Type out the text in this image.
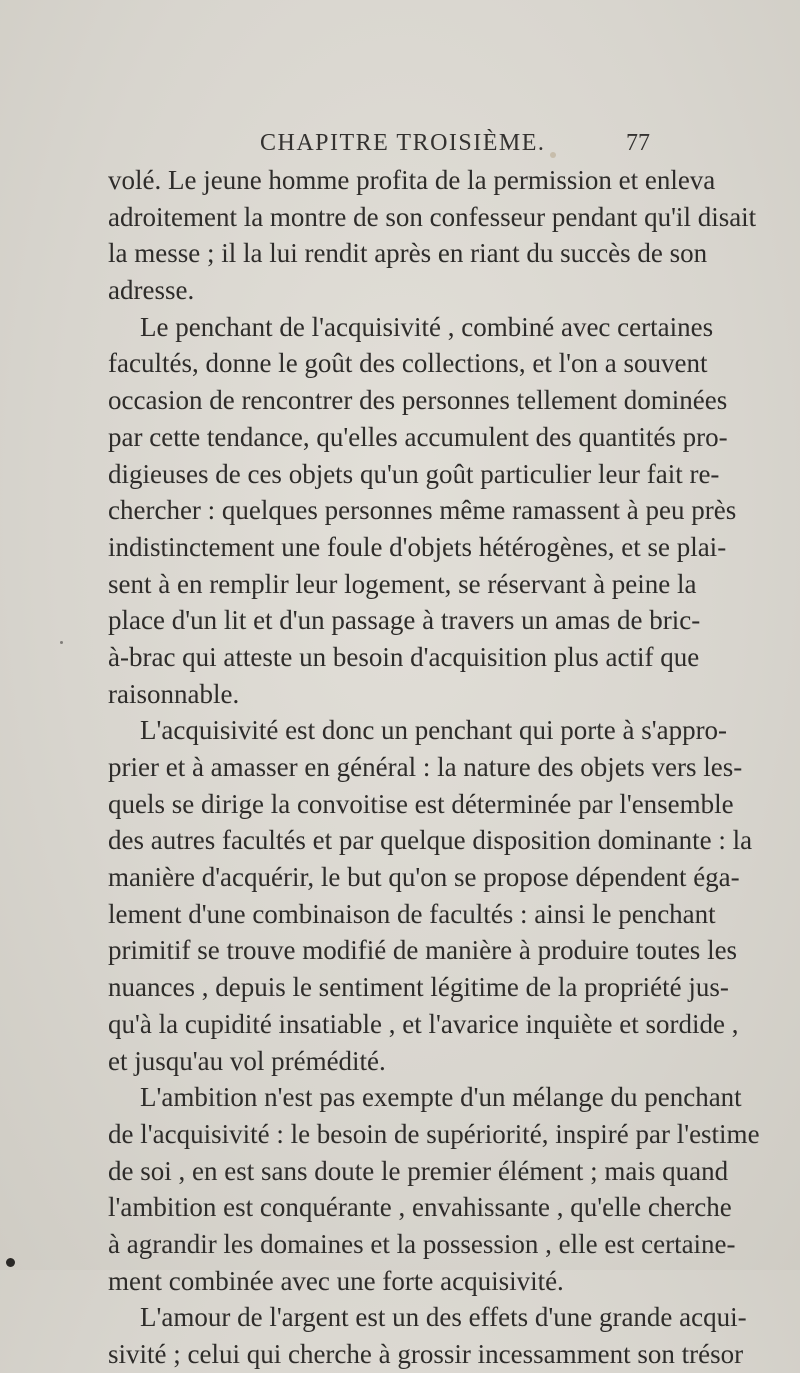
CHAPITRE TROISIÈME.	77
volé. Le jeune homme profita de la permission et enleva
adroitement la montre de son confesseur pendant qu'il disait
la messe ; il la lui rendit après en riant du succès de son
adresse.
Le penchant de l'acquisivité , combiné avec certaines
facultés, donne le goût des collections, et l'on a souvent
occasion de rencontrer des personnes tellement dominées
par cette tendance, qu'elles accumulent des quantités pro-
digieuses de ces objets qu'un goût particulier leur fait re-
chercher : quelques personnes même ramassent à peu près
indistinctement une foule d'objets hétérogènes, et se plai-
sent à en remplir leur logement, se réservant à peine la
place d'un lit et d'un passage à travers un amas de bric-
à-brac qui atteste un besoin d'acquisition plus actif que
raisonnable.
L'acquisivité est donc un penchant qui porte à s'appro-
prier et à amasser en général : la nature des objets vers les-
quels se dirige la convoitise est déterminée par l'ensemble
des autres facultés et par quelque disposition dominante : la
manière d'acquérir, le but qu'on se propose dépendent éga-
lement d'une combinaison de facultés : ainsi le penchant
primitif se trouve modifié de manière à produire toutes les
nuances , depuis le sentiment légitime de la propriété jus-
qu'à la cupidité insatiable , et l'avarice inquiète et sordide ,
et jusqu'au vol prémédité.
L'ambition n'est pas exempte d'un mélange du penchant
de l'acquisivité : le besoin de supériorité, inspiré par l'estime
de soi , en est sans doute le premier élément ; mais quand
l'ambition est conquérante , envahissante , qu'elle cherche
à agrandir les domaines et la possession , elle est certaine-
ment combinée avec une forte acquisivité.
L'amour de l'argent est un des effets d'une grande acqui-
sivité ; celui qui cherche à grossir incessamment son trésor
